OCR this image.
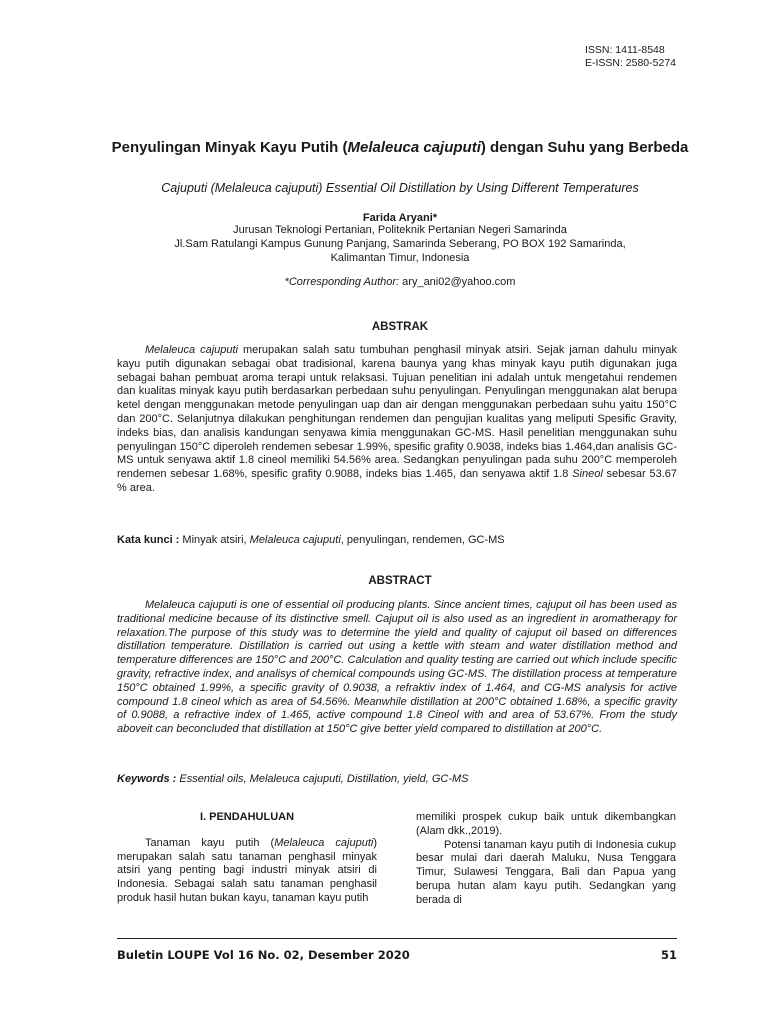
ISSN: 1411-8548
E-ISSN: 2580-5274
Penyulingan Minyak Kayu Putih (Melaleuca cajuputi) dengan Suhu yang Berbeda
Cajuputi (Melaleuca cajuputi) Essential Oil Distillation by Using Different Temperatures
Farida Aryani*
Jurusan Teknologi Pertanian, Politeknik Pertanian Negeri Samarinda
Jl.Sam Ratulangi Kampus Gunung Panjang, Samarinda Seberang, PO BOX 192 Samarinda,
Kalimantan Timur, Indonesia
*Corresponding Author: ary_ani02@yahoo.com
ABSTRAK
Melaleuca cajuputi merupakan salah satu tumbuhan penghasil minyak atsiri. Sejak jaman dahulu minyak kayu putih digunakan sebagai obat tradisional, karena baunya yang khas minyak kayu putih digunakan juga sebagai bahan pembuat aroma terapi untuk relaksasi. Tujuan penelitian ini adalah untuk mengetahui rendemen dan kualitas minyak kayu putih berdasarkan perbedaan suhu penyulingan. Penyulingan menggunakan alat berupa ketel dengan menggunakan metode penyulingan uap dan air dengan menggunakan perbedaan suhu yaitu 150°C dan 200°C. Selanjutnya dilakukan penghitungan rendemen dan pengujian kualitas yang meliputi Spesific Gravity, indeks bias, dan analisis kandungan senyawa kimia menggunakan GC-MS. Hasil penelitian menggunakan suhu penyulingan 150°C diperoleh rendemen sebesar 1.99%, spesific grafity 0.9038, indeks bias 1.464,dan analisis GC-MS untuk senyawa aktif 1.8 cineol memiliki 54.56% area. Sedangkan penyulingan pada suhu 200°C memperoleh rendemen sebesar 1.68%, spesific grafity 0.9088, indeks bias 1.465, dan senyawa aktif 1.8 Sineol sebesar 53.67 % area.
Kata kunci : Minyak atsiri, Melaleuca cajuputi, penyulingan, rendemen, GC-MS
ABSTRACT
Melaleuca cajuputi is one of essential oil producing plants. Since ancient times, cajuput oil has been used as traditional medicine because of its distinctive smell. Cajuput oil is also used as an ingredient in aromatherapy for relaxation.The purpose of this study was to determine the yield and quality of cajuput oil based on differences distillation temperature. Distillation is carried out using a kettle with steam and water distillation method and temperature differences are 150°C and 200°C. Calculation and quality testing are carried out which include specific gravity, refractive index, and analisys of chemical compounds using GC-MS. The distillation process at temperature 150°C obtained 1.99%, a specific gravity of 0.9038, a refraktiv index of 1.464, and CG-MS analysis for active compound 1.8 cineol which as area of 54.56%. Meanwhile distillation at 200°C obtained 1.68%, a specific gravity of 0.9088, a refractive index of 1.465, active compound 1.8 Cineol with and area of 53.67%. From the study aboveit can beconcluded that distillation at 150°C give better yield compared to distillation at 200°C.
Keywords : Essential oils, Melaleuca cajuputi, Distillation, yield, GC-MS
I. PENDAHULUAN
Tanaman kayu putih (Melaleuca cajuputi) merupakan salah satu tanaman penghasil minyak atsiri yang penting bagi industri minyak atsiri di Indonesia. Sebagai salah satu tanaman penghasil produk hasil hutan bukan kayu, tanaman kayu putih
memiliki prospek cukup baik untuk dikembangkan (Alam dkk.,2019).
Potensi tanaman kayu putih di Indonesia cukup besar mulai dari daerah Maluku, Nusa Tenggara Timur, Sulawesi Tenggara, Bali dan Papua yang berupa hutan alam kayu putih. Sedangkan yang berada di
Buletin LOUPE Vol 16 No. 02, Desember 2020	51
